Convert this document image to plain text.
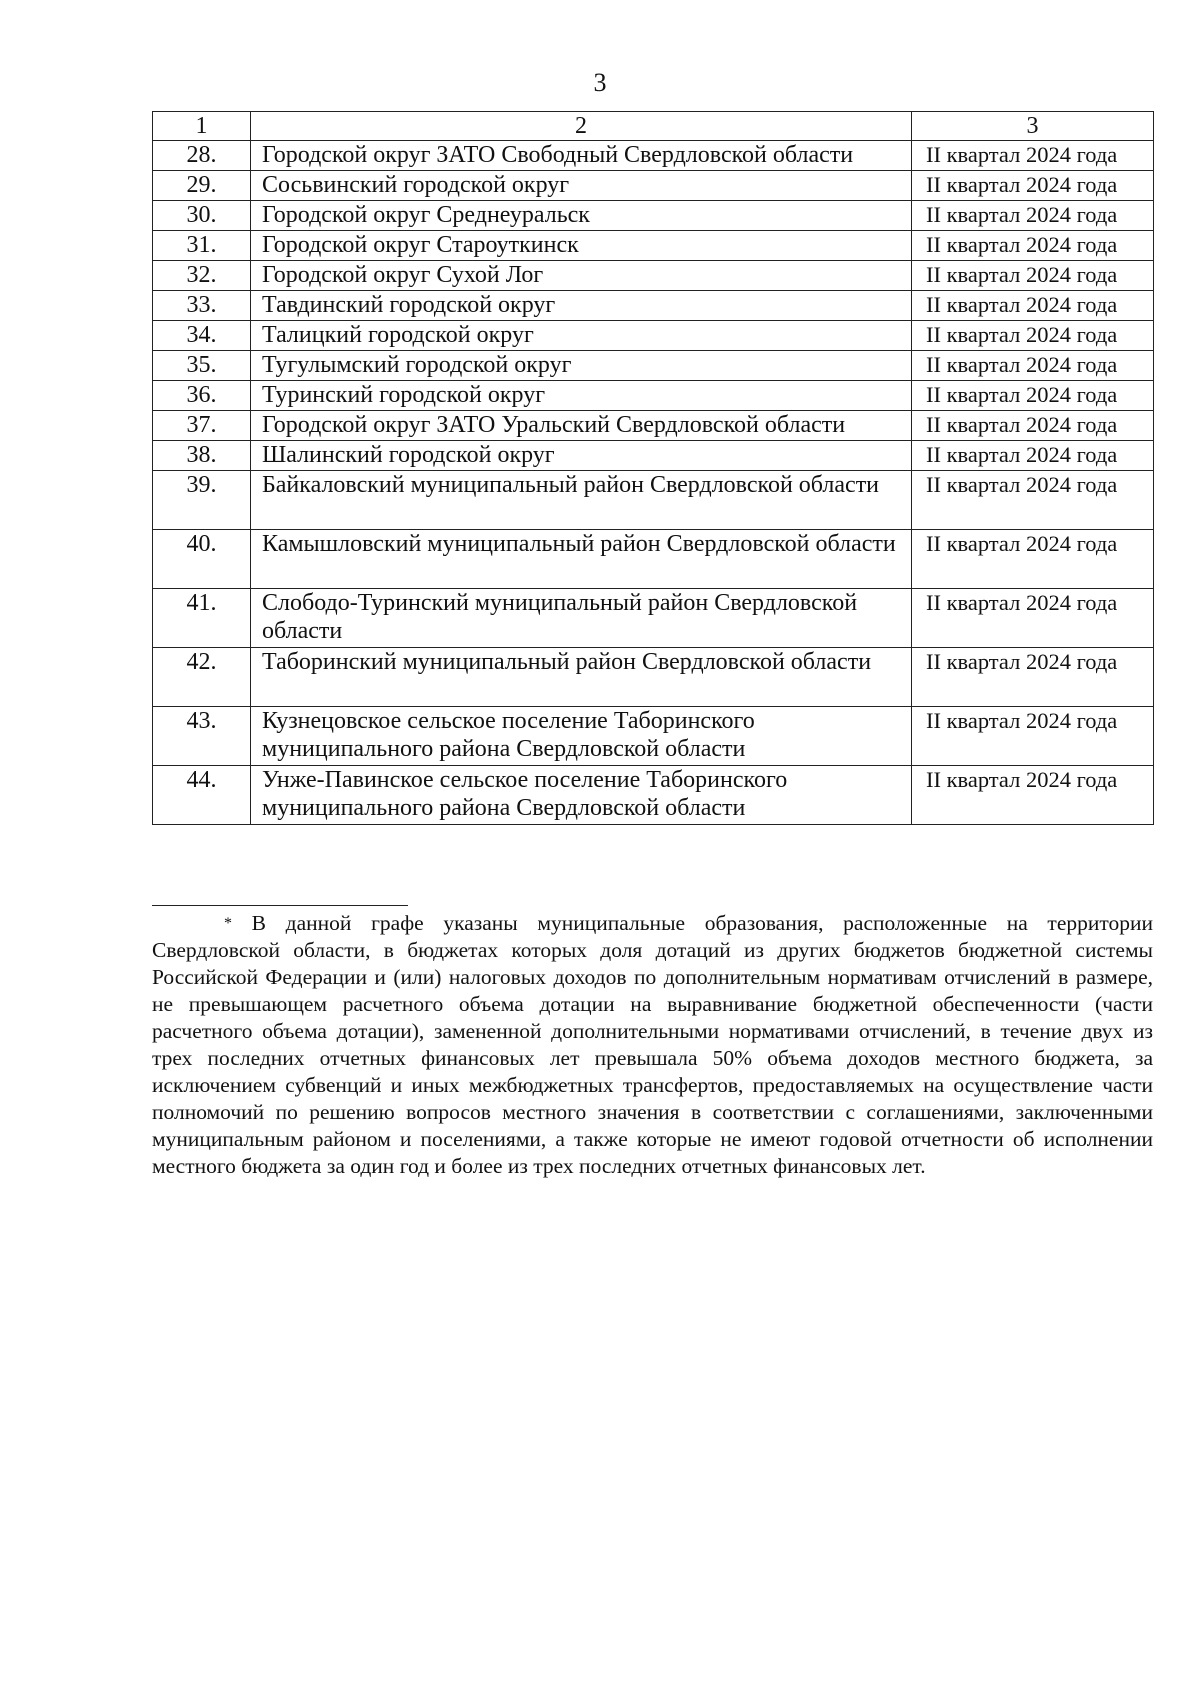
3
1	2	3
28.	Городской округ ЗАТО Свободный Свердловской области	II квартал 2024 года
29.	Сосьвинский городской округ	II квартал 2024 года
30.	Городской округ Среднеуральск	II квартал 2024 года
31.	Городской округ Староуткинск	II квартал 2024 года
32.	Городской округ Сухой Лог	II квартал 2024 года
33.	Тавдинский городской округ	II квартал 2024 года
34.	Талицкий городской округ	II квартал 2024 года
35.	Тугулымский городской округ	II квартал 2024 года
36.	Туринский городской округ	II квартал 2024 года
37.	Городской округ ЗАТО Уральский Свердловской области	II квартал 2024 года
38.	Шалинский городской округ	II квартал 2024 года
39.	Байкаловский муниципальный район Свердловской области	II квартал 2024 года
40.	Камышловский муниципальный район Свердловской области	II квартал 2024 года
41.	Слободо-Туринский муниципальный район Свердловской области	II квартал 2024 года
42.	Таборинский муниципальный район Свердловской области	II квартал 2024 года
43.	Кузнецовское сельское поселение Таборинского муниципального района Свердловской области	II квартал 2024 года
44.	Унже-Павинское сельское поселение Таборинского муниципального района Свердловской области	II квартал 2024 года

* В данной графе указаны муниципальные образования, расположенные на территории Свердловской области, в бюджетах которых доля дотаций из других бюджетов бюджетной системы Российской Федерации и (или) налоговых доходов по дополнительным нормативам отчислений в размере, не превышающем расчетного объема дотации на выравнивание бюджетной обеспеченности (части расчетного объема дотации), замененной дополнительными нормативами отчислений, в течение двух из трех последних отчетных финансовых лет превышала 50% объема доходов местного бюджета, за исключением субвенций и иных межбюджетных трансфертов, предоставляемых на осуществление части полномочий по решению вопросов местного значения в соответствии с соглашениями, заключенными муниципальным районом и поселениями, а также которые не имеют годовой отчетности об исполнении местного бюджета за один год и более из трех последних отчетных финансовых лет.
